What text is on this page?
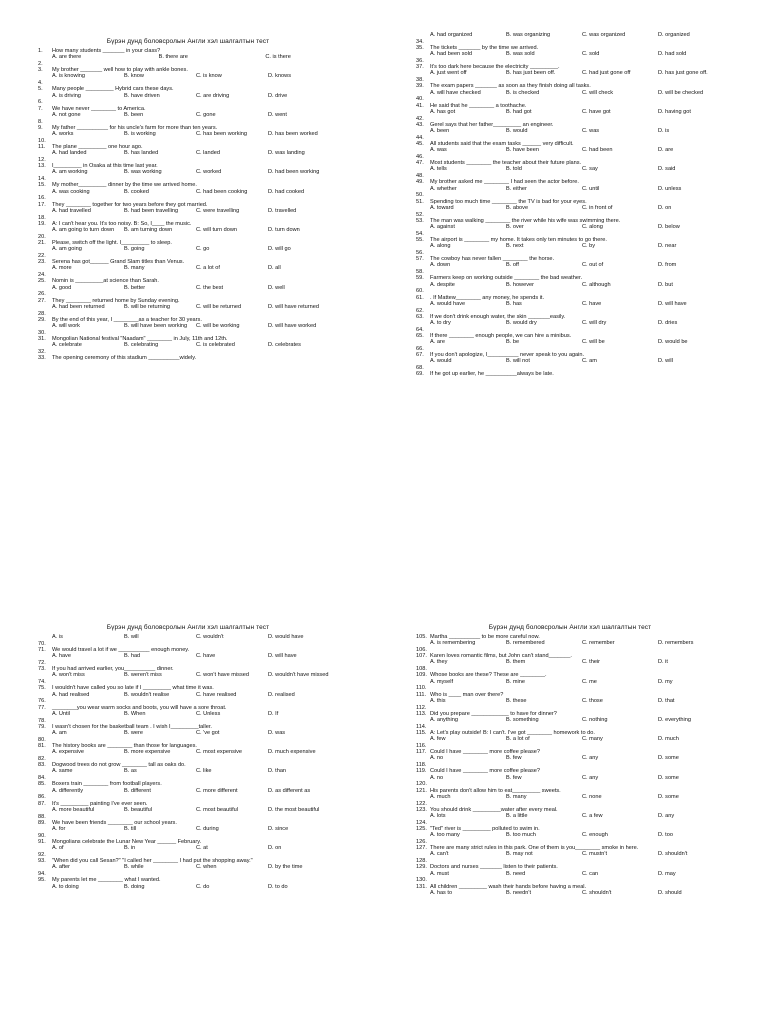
Бүрэн дунд боловсролын Англи хэл шалгалтын тест
1. How many students _______ in your class?
A. are there	B. there are	C. is there
2.
3. My brother _______ well how to play with ankle bones.
A. is knowing	B. know	C. is know	D. knows
4.
5. Many people _________ Hybrid cars these days.
A. is driving	B. have driven	C. are driving	D. drive
6.
7. We have never ________ to America.
A. not gone	B. been	C. gone	D. went
8.
9. My father __________ for his uncle's farm for more than ten years.
A. works	B. is working	C. has been working	D. has been worked
10.
11. The plane _________ one hour ago.
A. had landed	B. has landed	C. landed	D. was landing
12.
13. I_________ in Osaka at this time last year.
A. am working	B. was working	C. worked	D. had been working
14.
15. My mother_________ dinner by the time we arrived home.
A. was cooking	B. cooked	C. had been cooking	D. had cooked
16.
17. They ________ together for two years before they got married.
A. had travelled	B. had been travelling	C. were travelling	D. travelled
18.
19. A: I can't hear you. It's too noisy. B: So, I____ the music.
A. am going to turn down	B. am turning down	C. will turn down	D. turn down
20.
21. Please, switch off the light. I_________ to sleep.
A. am going	B. going	C. go	D. will go
22.
23. Serena has got______ Grand Slam titles than Venus.
A. more	B. many	C. a lot of	D. all
24.
25. Nomin is _________at science than Sarah.
A. good	B. better	C. the best	D. well
26.
27. They ________ returned home by Sunday evening.
A. had been returned	B. will be returning	C. will be returned	D. will have returned
28.
29. By the end of this year, I ________as a teacher for 30 years.
A. will work	B. will have been working	C. will be working	D. will have worked
30.
31. Mongolian National festival "Naadam" ________ in July, 11th and 12th.
A. celebrate	B. celebrating	C. is celebrated	D. celebrates
32.
33. The opening ceremony of this stadium __________widely.
A. had organized	B. was organizing	C. was organized	D. organized
34.
35. The tickets _______ by the time we arrived.
A. had been sold	B. was sold	C. sold	D. had sold
36.
37. It's too dark here because the electricity _________.
A. just went off	B. has just been off.	C. had just gone off	D. has just gone off.
38.
39. The exam papers _______ as soon as they finish doing all tasks.
A. will have checked	B. is checked	C. will check	D. will be checked
40.
41. He said that he ________ a toothache.
A. has got	B. had got	C. have got	D. having got
42.
43. Gerel says that her father_________ an engineer.
A. been	B. would	C. was	D. is
44.
45. All students said that the exam tasks ______ very difficult.
A. was	B. have been	C. had been	D. are
46.
47. Most students ________ the teacher about their future plans.
A. tells	B. told	C. say	D. said
48.
49. My brother asked me ________ I had seen the actor before.
A. whether	B. either	C. until	D. unless
50.
51. Spending too much time ________ the TV is bad for your eyes.
A. toward	B. above	C. in front of	D. on
52.
53. The man was walking ________ the river while his wife was swimming there.
A. against	B. over	C. along	D. below
54.
55. The airport is ________ my home. It takes only ten minutes to go there.
A. along	B. next	C. by	D. near
56.
57. The cowboy has never fallen ________ the horse.
A. down	B. off	C. out of	D. from
58.
59. Farmers keep on working outside ________ the bad weather.
A. despite	B. however	C. although	D. but
60.
61. . If Mattew________ any money, he spends it.
A. would have	B. has	C. have	D. will have
62.
63. If we don't drink enough water, the skin _______easily.
A. to dry	B. would dry	C. will dry	D. dries
64.
65. If there ________ enough people, we can hire a minibus.
A. are	B. be	C. will be	D. would be
66.
67. If you don't apologize, I__________ never speak to you again.
A. would	B. will not	C. am	D. will
68.
69. If he got up earlier, he __________always be late.
Бүрэн дунд боловсролын Англи хэл шалгалтын тест
A. is	B. will	C. wouldn't	D. would have
70.
71. We would travel a lot if we __________ enough money.
A. have	B. had	C. have	D. will have
72.
73. If you had arrived earlier, you__________ dinner.
A. won't miss	B. weren't miss	C. won't have missed	D. wouldn't have missed
74.
75. I wouldn't have called you so late if I _________ what time it was.
A. had realised	B. wouldn't realise	C. have realised	D. realised
76.
77. ________you wear warm socks and boots, you will have a sore throat.
A. Until	B. When	C. Unless	D. If
78.
79. I wasn't chosen for the basketball team . I wish I_________taller.
A. am	B. were	C. 've got	D. was
80.
81. The history books are ________ than those for languages.
A. expensive	B. more expensive	C. most expensive	D. much expensive
82.
83. Dogwood trees do not grow ________ tall as oaks do.
A. same	B. as	C. like	D. than
84.
85. Boxers train ________ from football players.
A. differently	B. different	C. more different	D. as different as
86.
87. It's _________ painting I've ever seen.
A. more beautiful	B. beautiful	C. most beautiful	D. the most beautiful
88.
89. We have been friends ________ our school years.
A. for	B. till	C. during	D. since
90.
91. Mongolians celebrate the Lunar New Year ______ February.
A. of	B. in	C. at	D. on
92.
93. "When did you call Sesan?" "I called her ________ I had put the shopping away."
A. after	B. while	C. when	D. by the time
94.
95. My parents let me ________ what I wanted.
A. to doing	B. doing	C. do	D. to do
Бүрэн дунд боловсролын Англи хэл шалгалтын тест
105. Martha __________ to be more careful now.
A. is remembering	B. remembered	C. remember	D. remembers
106.
107. Karen loves romantic films, but John can't stand_______.
A. they	B. them	C. their	D. it
108.
109. Whose books are these? These are ________.
A. myself	B. mine	C. me	D. my
110.
111. Who is ____ man over there?
A. this	B. these	C. those	D. that
112.
113. Did you prepare ____________ to have for dinner?
A. anything	B. something	C. nothing	D. everything
114.
115. A: Let's play outside! B: I can't. I've got ________ homework to do.
A. few	B. a lot of	C. many	D. much
116.
117. Could I have ________ more coffee please?
A. no	B. few	C. any	D. some
118.
119. Could I have ________ more coffee please?
A. no	B. few	C. any	D. some
120.
121. His parents don't allow him to eat_________ sweets.
A. much	B. many	C. none	D. some
122.
123. You should drink _________water after every meal.
A. lots	B. a little	C. a few	D. any
124.
125. "Ted" river is _________ polluted to swim in.
A. too many	B. too much	C. enough	D. too
126.
127. There are many strict rules in this park. One of them is you________ smoke in here.
A. can't	B. may not	C. mustn't	D. shouldn't
128.
129. Doctors and nurses _______ listen to their patients.
A. must	B. need	C. can	D. may
130.
131. All children _________ wash their hands before having a meal.
A. has to	B. needn't	C. shouldn't	D. should
